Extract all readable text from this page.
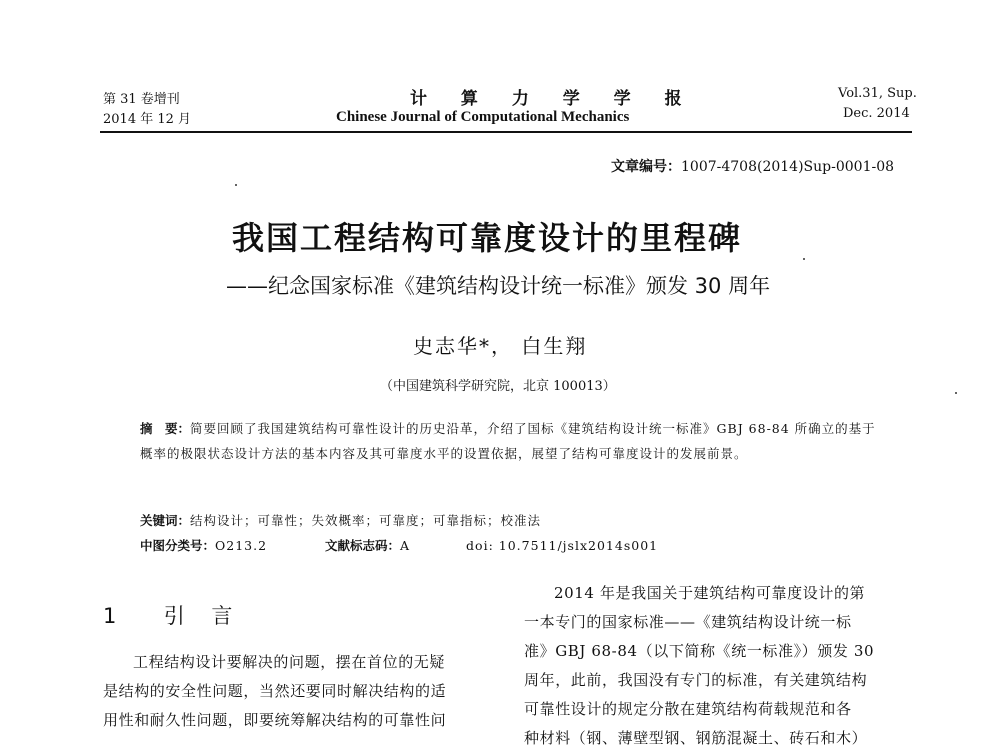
第 31 卷增刊
2014 年 12 月
计 算 力 学 学 报
Chinese Journal of Computational Mechanics
Vol.31, Sup.
Dec. 2014
文章编号：1007-4708(2014)Sup-0001-08
我国工程结构可靠度设计的里程碑
——纪念国家标准《建筑结构设计统一标准》颁发 30 周年
史志华*， 白生翔
（中国建筑科学研究院，北京 100013）
摘　要：简要回顾了我国建筑结构可靠性设计的历史沿革，介绍了国标《建筑结构设计统一标准》GBJ 68-84 所确立的基于概率的极限状态设计方法的基本内容及其可靠度水平的设置依据，展望了结构可靠度设计的发展前景。
关键词：结构设计；可靠性；失效概率；可靠度；可靠指标；校准法
中图分类号：O213.2	文献标志码：A	doi: 10.7511/jslx2014s001
1 引 言

工程结构设计要解决的问题，摆在首位的无疑

是结构的安全性问题，当然还要同时解决结构的适

用性和耐久性问题，即要统筹解决结构的可靠性问

2014 年是我国关于建筑结构可靠度设计的第

一本专门的国家标准——《建筑结构设计统一标

准》GBJ 68-84（以下简称《统一标准》）颁发 30

周年，此前，我国没有专门的标准，有关建筑结构

可靠性设计的规定分散在建筑结构荷载规范和各

种材料（钢、薄壁型钢、钢筋混凝土、砖石和木）
